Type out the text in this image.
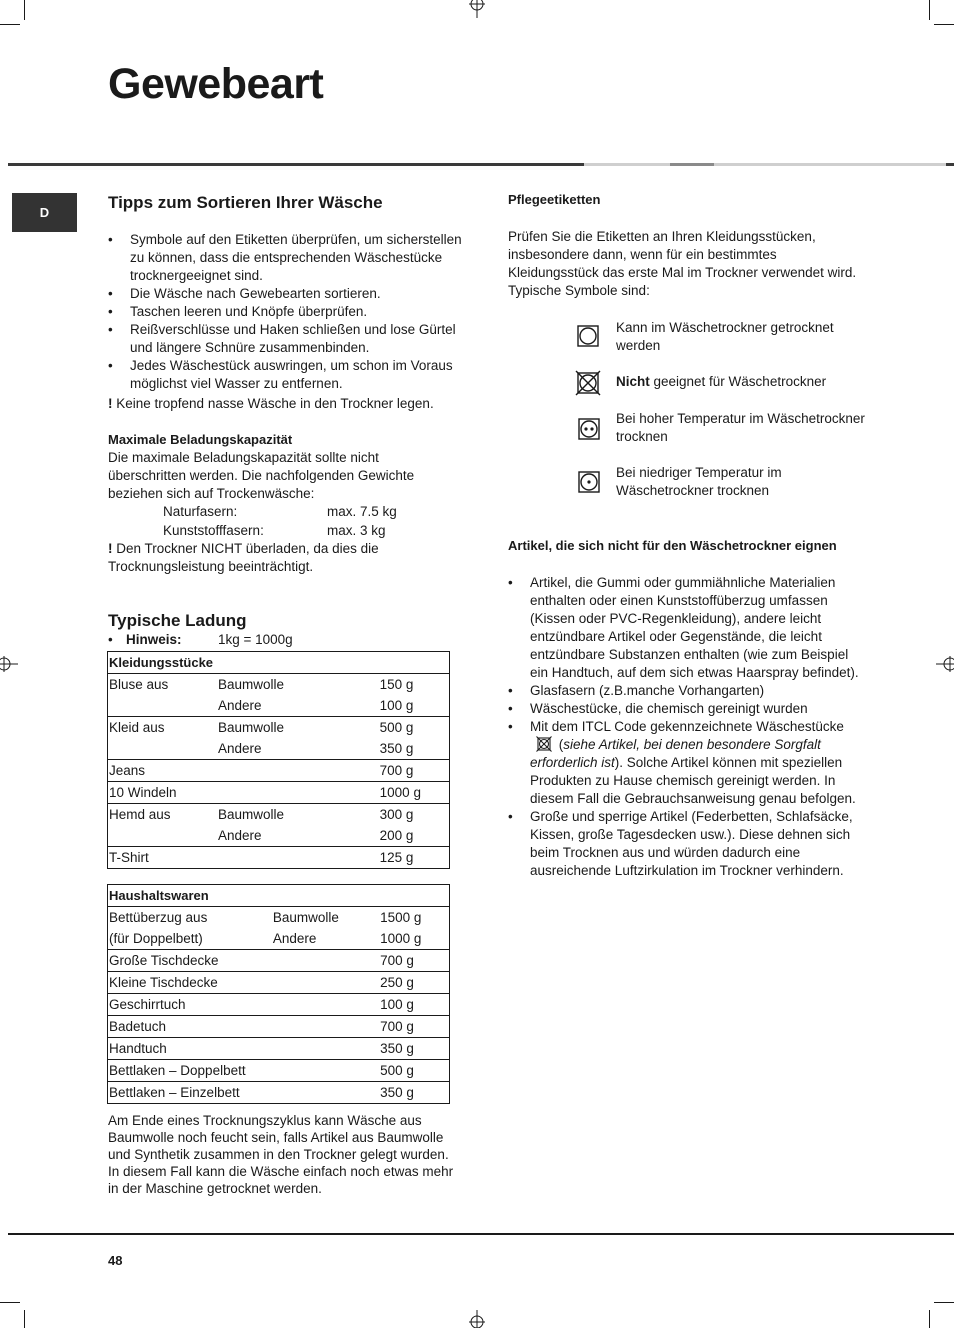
Gewebeart
D
Tipps zum Sortieren Ihrer Wäsche
• Symbole auf den Etiketten überprüfen, um sicherstellen zu können, dass die entsprechenden Wäschestücke trocknergeeignet sind.
• Die Wäsche nach Gewebearten sortieren.
• Taschen leeren und Knöpfe überprüfen.
• Reißverschlüsse und Haken schließen und lose Gürtel und längere Schnüre zusammenbinden.
• Jedes Wäschestück auswringen, um schon im Voraus möglichst viel Wasser zu entfernen.
! Keine tropfend nasse Wäsche in den Trockner legen.
Maximale Beladungskapazität
Die maximale Beladungskapazität sollte nicht überschritten werden. Die nachfolgenden Gewichte beziehen sich auf Trockenwäsche:
Naturfasern:	max. 7.5 kg
Kunststofffasern:	max. 3 kg
! Den Trockner NICHT überladen, da dies die Trocknungsleistung beeinträchtigt.
Typische Ladung
• Hinweis:	1kg = 1000g
Kleidungsstücke		
Bluse aus	Baumwolle	150 g
	Andere	100 g
Kleid aus	Baumwolle	500 g
	Andere	350 g
Jeans		700 g
10 Windeln		1000 g
Hemd aus	Baumwolle	300 g
	Andere	200 g
T-Shirt		125 g
Haushaltswaren		
Bettüberzug aus	Baumwolle	1500 g
(für Doppelbett)	Andere	1000 g
Große Tischdecke		700 g
Kleine Tischdecke		250 g
Geschirrtuch		100 g
Badetuch		700 g
Handtuch		350 g
Bettlaken – Doppelbett		500 g
Bettlaken – Einzelbett		350 g
Am Ende eines Trocknungszyklus kann Wäsche aus Baumwolle noch feucht sein, falls Artikel aus Baumwolle und Synthetik zusammen in den Trockner gelegt wurden. In diesem Fall kann die Wäsche einfach noch etwas mehr in der Maschine getrocknet werden.
Pflegeetiketten
Prüfen Sie die Etiketten an Ihren Kleidungsstücken, insbesondere dann, wenn für ein bestimmtes Kleidungsstück das erste Mal im Trockner verwendet wird. Typische Symbole sind:
Kann im Wäschetrockner getrocknet werden
Nicht geeignet für Wäschetrockner
Bei hoher Temperatur im Wäschetrockner trocknen
Bei niedriger Temperatur im Wäschetrockner trocknen
Artikel, die sich nicht für den Wäschetrockner eignen
• Artikel, die Gummi oder gummiähnliche Materialien enthalten oder einen Kunststoffüberzug umfassen (Kissen oder PVC-Regenkleidung), andere leicht entzündbare Artikel oder Gegenstände, die leicht entzündbare Substanzen enthalten (wie zum Beispiel ein Handtuch, auf dem sich etwas Haarspray befindet).
• Glasfasern (z.B.manche Vorhangarten)
• Wäschestücke, die chemisch gereinigt wurden
• Mit dem ITCL Code gekennzeichnete Wäschestücke (siehe Artikel, bei denen besondere Sorgfalt erforderlich ist). Solche Artikel können mit speziellen Produkten zu Hause chemisch gereinigt werden. In diesem Fall die Gebrauchsanweisung genau befolgen.
• Große und sperrige Artikel (Federbetten, Schlafsäcke, Kissen, große Tagesdecken usw.). Diese dehnen sich beim Trocknen aus und würden dadurch eine ausreichende Luftzirkulation im Trockner verhindern.
48
